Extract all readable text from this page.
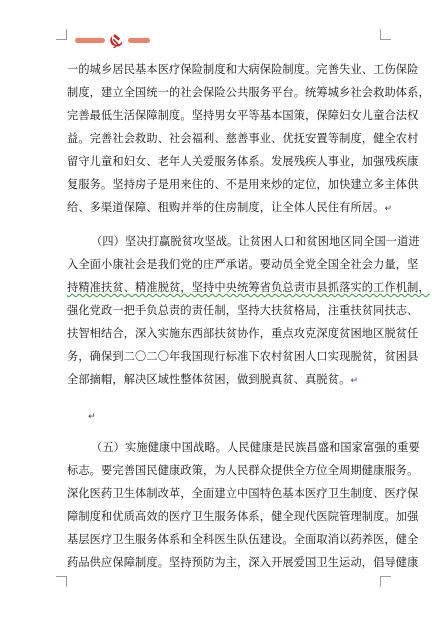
一的城乡居民基本医疗保险制度和大病保险制度。完善失业、工伤保险
制度，建立全国统一的社会保险公共服务平台。统筹城乡社会救助体系，
完善最低生活保障制度。坚持男女平等基本国策，保障妇女儿童合法权
益。完善社会救助、社会福利、慈善事业、优抚安置等制度，健全农村
留守儿童和妇女、老年人关爱服务体系。发展残疾人事业，加强残疾康
复服务。坚持房子是用来住的、不是用来炒的定位，加快建立多主体供
给、多渠道保障、租购并举的住房制度，让全体人民住有所居。↵
（四）坚决打赢脱贫攻坚战。让贫困人口和贫困地区同全国一道进
入全面小康社会是我们党的庄严承诺。要动员全党全国全社会力量，坚
持精准扶贫、精准脱贫，坚持中央统筹省负总责市县抓落实的工作机制，
强化党政一把手负总责的责任制，坚持大扶贫格局，注重扶贫同扶志、
扶智相结合，深入实施东西部扶贫协作，重点攻克深度贫困地区脱贫任
务，确保到二〇二〇年我国现行标准下农村贫困人口实现脱贫，贫困县
全部摘帽，解决区域性整体贫困，做到脱真贫、真脱贫。↵
↵
（五）实施健康中国战略。人民健康是民族昌盛和国家富强的重要
标志。要完善国民健康政策，为人民群众提供全方位全周期健康服务。
深化医药卫生体制改革，全面建立中国特色基本医疗卫生制度、医疗保
障制度和优质高效的医疗卫生服务体系，健全现代医院管理制度。加强
基层医疗卫生服务体系和全科医生队伍建设。全面取消以药养医，健全
药品供应保障制度。坚持预防为主，深入开展爱国卫生运动，倡导健康
